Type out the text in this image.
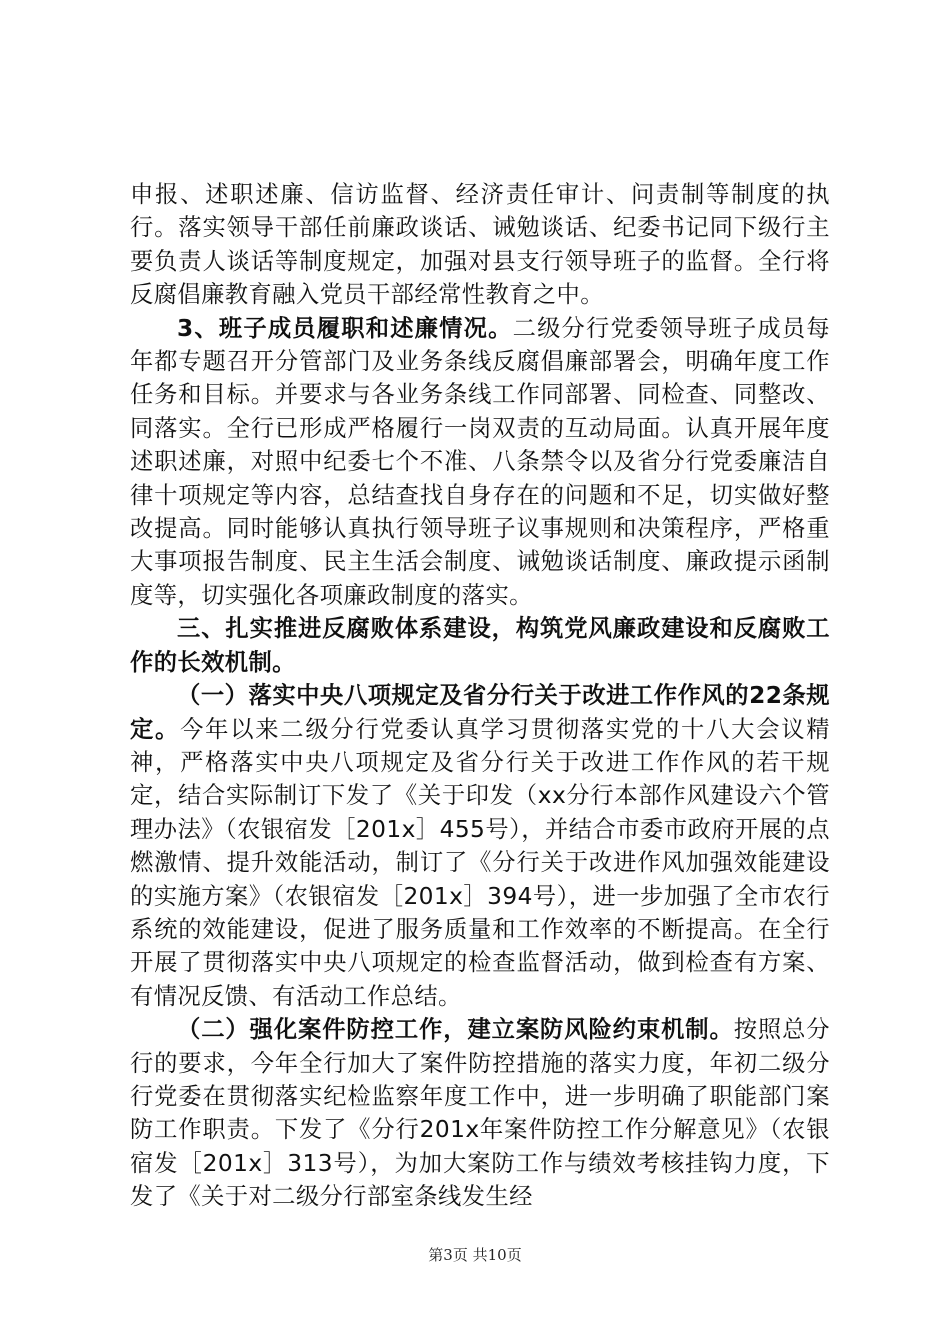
申报、述职述廉、信访监督、经济责任审计、问责制等制度的执行。落实领导干部任前廉政谈话、诫勉谈话、纪委书记同下级行主要负责人谈话等制度规定，加强对县支行领导班子的监督。全行将反腐倡廉教育融入党员干部经常性教育之中。

3、班子成员履职和述廉情况。二级分行党委领导班子成员每年都专题召开分管部门及业务条线反腐倡廉部署会，明确年度工作任务和目标。并要求与各业务条线工作同部署、同检查、同整改、同落实。全行已形成严格履行一岗双责的互动局面。认真开展年度述职述廉，对照中纪委七个不准、八条禁令以及省分行党委廉洁自律十项规定等内容，总结查找自身存在的问题和不足，切实做好整改提高。同时能够认真执行领导班子议事规则和决策程序，严格重大事项报告制度、民主生活会制度、诫勉谈话制度、廉政提示函制度等，切实强化各项廉政制度的落实。

三、扎实推进反腐败体系建设，构筑党风廉政建设和反腐败工作的长效机制。

（一）落实中央八项规定及省分行关于改进工作作风的22条规定。今年以来二级分行党委认真学习贯彻落实党的十八大会议精神，严格落实中央八项规定及省分行关于改进工作作风的若干规定，结合实际制订下发了《关于印发（xx分行本部作风建设六个管理办法》（农银宿发［201x］455号），并结合市委市政府开展的点燃激情、提升效能活动，制订了《分行关于改进作风加强效能建设的实施方案》（农银宿发［201x］394号），进一步加强了全市农行系统的效能建设，促进了服务质量和工作效率的不断提高。在全行开展了贯彻落实中央八项规定的检查监督活动，做到检查有方案、有情况反馈、有活动工作总结。

（二）强化案件防控工作，建立案防风险约束机制。按照总分行的要求，今年全行加大了案件防控措施的落实力度，年初二级分行党委在贯彻落实纪检监察年度工作中，进一步明确了职能部门案防工作职责。下发了《分行201x年案件防控工作分解意见》（农银宿发［201x］313号），为加大案防工作与绩效考核挂钩力度，下发了《关于对二级分行部室条线发生经

第3页 共10页
